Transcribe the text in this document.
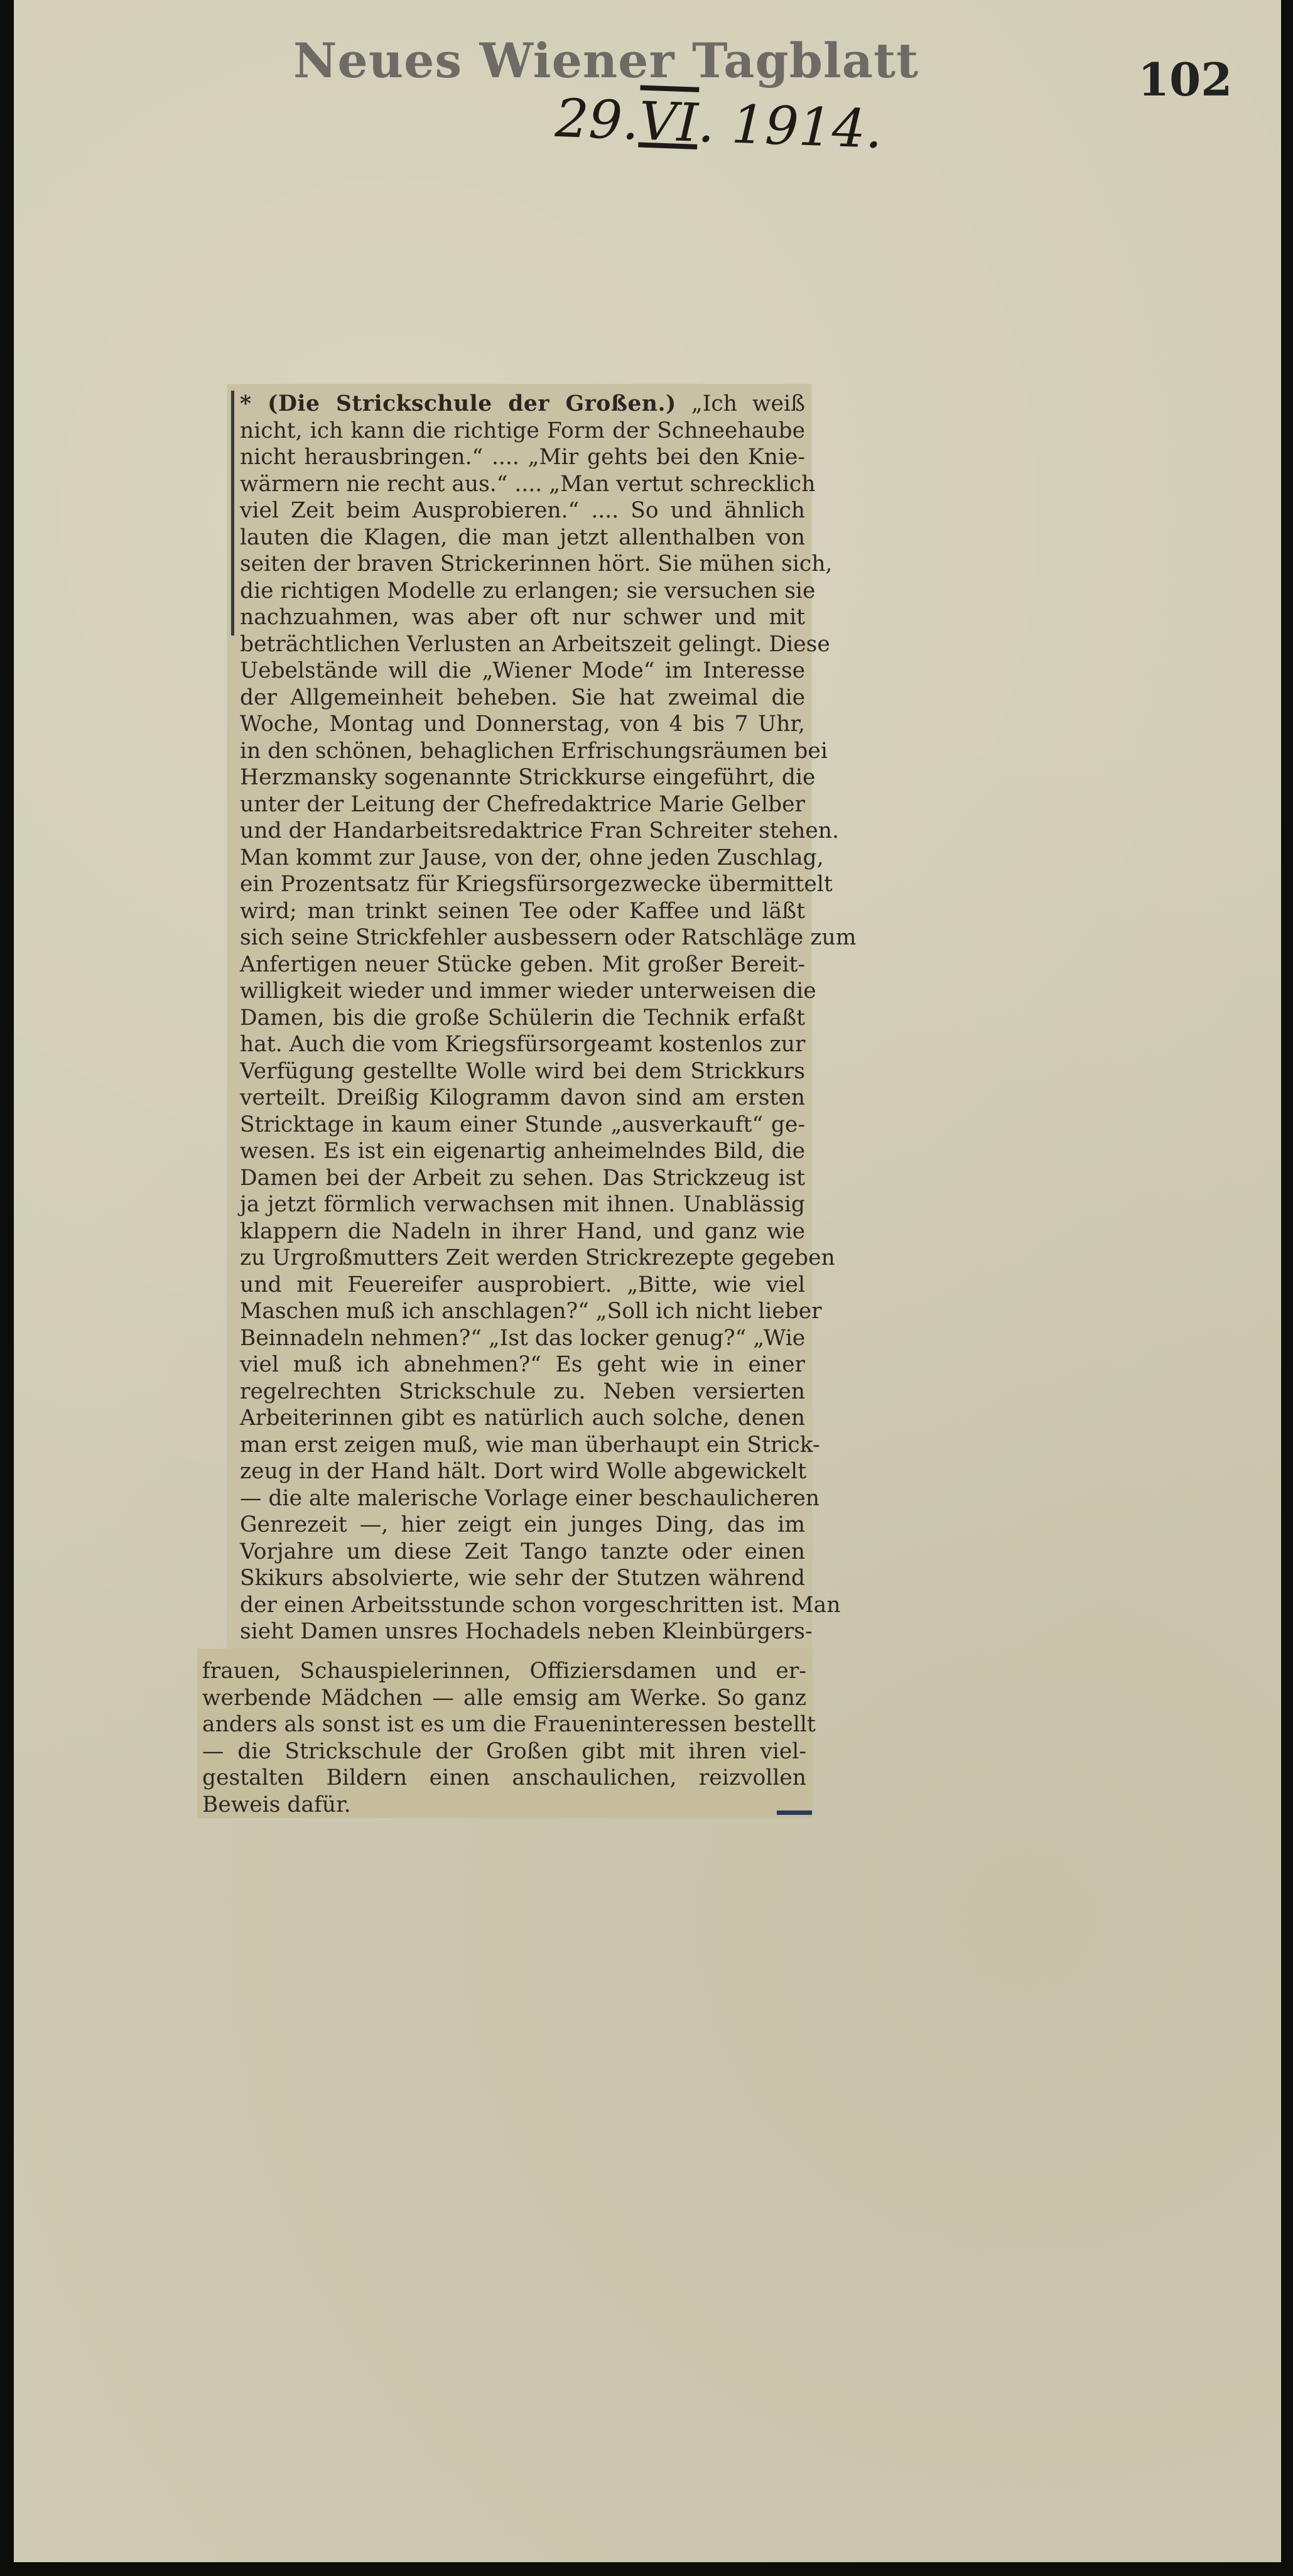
Neues Wiener Tagblatt	102
29.VI. 1914.
* (Die Strickschule der Großen.) „Ich weiß
nicht, ich kann die richtige Form der Schneehaube
nicht herausbringen.“ .... „Mir gehts bei den Knie-
wärmern nie recht aus.“ .... „Man vertut schrecklich
viel Zeit beim Ausprobieren.“ .... So und ähnlich
lauten die Klagen, die man jetzt allenthalben von
seiten der braven Strickerinnen hört. Sie mühen sich,
die richtigen Modelle zu erlangen; sie versuchen sie
nachzuahmen, was aber oft nur schwer und mit
beträchtlichen Verlusten an Arbeitszeit gelingt. Diese
Uebelstände will die „Wiener Mode“ im Interesse
der Allgemeinheit beheben. Sie hat zweimal die
Woche, Montag und Donnerstag, von 4 bis 7 Uhr,
in den schönen, behaglichen Erfrischungsräumen bei
Herzmansky sogenannte Strickkurse eingeführt, die
unter der Leitung der Chefredaktrice Marie Gelber
und der Handarbeitsredaktrice Fran Schreiter stehen.
Man kommt zur Jause, von der, ohne jeden Zuschlag,
ein Prozentsatz für Kriegsfürsorgezwecke übermittelt
wird; man trinkt seinen Tee oder Kaffee und läßt
sich seine Strickfehler ausbessern oder Ratschläge zum
Anfertigen neuer Stücke geben. Mit großer Bereit-
willigkeit wieder und immer wieder unterweisen die
Damen, bis die große Schülerin die Technik erfaßt
hat. Auch die vom Kriegsfürsorgeamt kostenlos zur
Verfügung gestellte Wolle wird bei dem Strickkurs
verteilt. Dreißig Kilogramm davon sind am ersten
Stricktage in kaum einer Stunde „ausverkauft“ ge-
wesen. Es ist ein eigenartig anheimelndes Bild, die
Damen bei der Arbeit zu sehen. Das Strickzeug ist
ja jetzt förmlich verwachsen mit ihnen. Unablässig
klappern die Nadeln in ihrer Hand, und ganz wie
zu Urgroßmutters Zeit werden Strickrezepte gegeben
und mit Feuereifer ausprobiert. „Bitte, wie viel
Maschen muß ich anschlagen?“ „Soll ich nicht lieber
Beinnadeln nehmen?“ „Ist das locker genug?“ „Wie
viel muß ich abnehmen?“ Es geht wie in einer
regelrechten Strickschule zu. Neben versierten
Arbeiterinnen gibt es natürlich auch solche, denen
man erst zeigen muß, wie man überhaupt ein Strick-
zeug in der Hand hält. Dort wird Wolle abgewickelt
— die alte malerische Vorlage einer beschaulicheren
Genrezeit —, hier zeigt ein junges Ding, das im
Vorjahre um diese Zeit Tango tanzte oder einen
Skikurs absolvierte, wie sehr der Stutzen während
der einen Arbeitsstunde schon vorgeschritten ist. Man
sieht Damen unsres Hochadels neben Kleinbürgers-
frauen, Schauspielerinnen, Offiziersdamen und er-
werbende Mädchen — alle emsig am Werke. So ganz
anders als sonst ist es um die Fraueninteressen bestellt
— die Strickschule der Großen gibt mit ihren viel-
gestalten Bildern einen anschaulichen, reizvollen
Beweis dafür.
